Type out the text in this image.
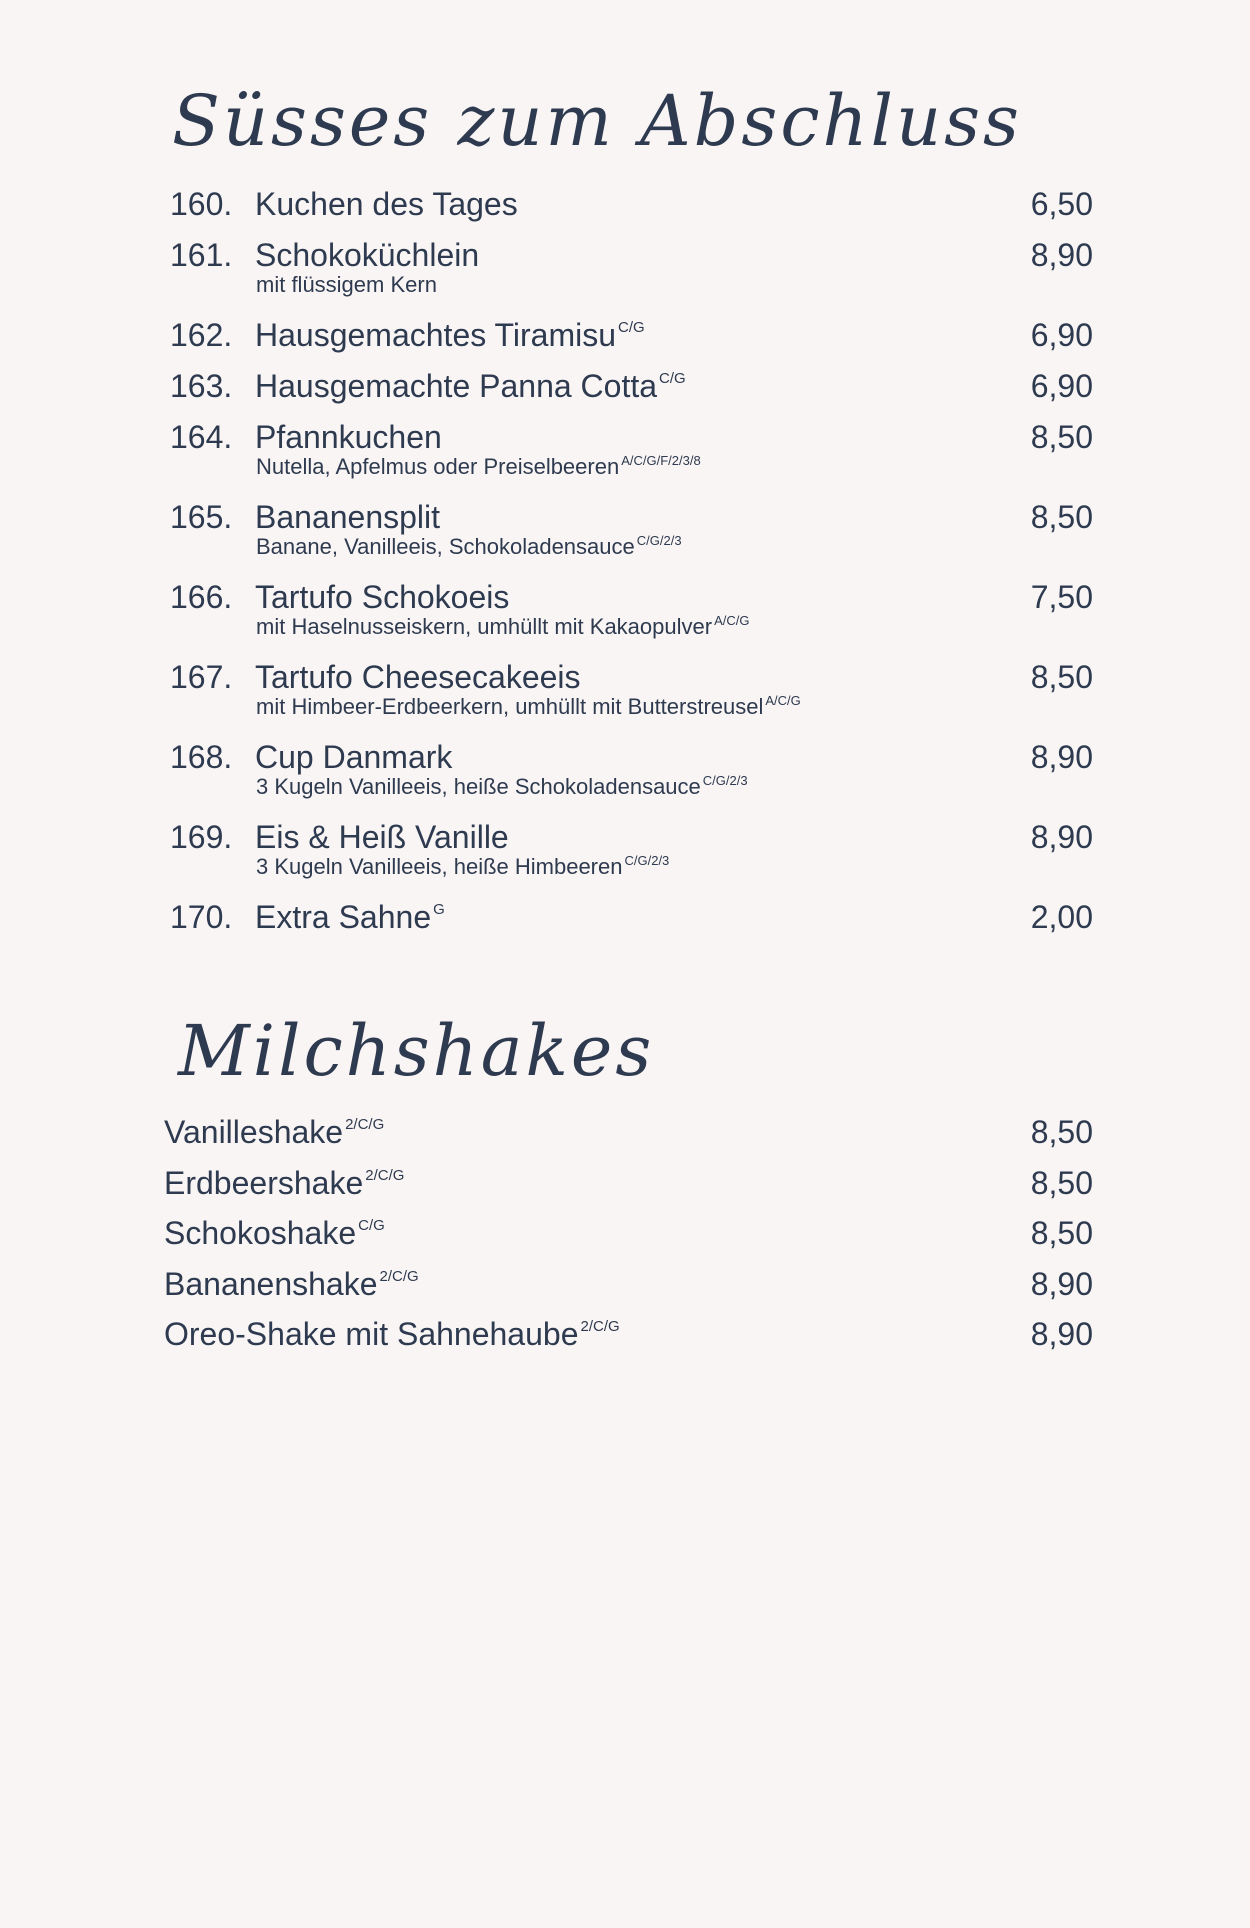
Süsses zum Abschluss
160. Kuchen des Tages	6,50
161. Schokoküchlein	8,90
mit flüssigem Kern
162. Hausgemachtes Tiramisu $^{C/G}$	6,90
163. Hausgemachte Panna Cotta $^{C/G}$	6,90
164. Pfannkuchen	8,50
Nutella, Apfelmus oder Preiselbeeren $^{A/C/G/F/2/3/8}$
165. Bananensplit	8,50
Banane, Vanilleeis, Schokoladensauce $^{C/G/2/3}$
166. Tartufo Schokoeis	7,50
mit Haselnusseiskern, umhüllt mit Kakaopulver $^{A/C/G}$
167. Tartufo Cheesecakeeis	8,50
mit Himbeer-Erdbeerkern, umhüllt mit Butterstreusel $^{A/C/G}$
168. Cup Danmark	8,90
3 Kugeln Vanilleeis, heiße Schokoladensauce $^{C/G/2/3}$
169. Eis & Heiß Vanille	8,90
3 Kugeln Vanilleeis, heiße Himbeeren $^{C/G/2/3}$
170. Extra Sahne $^G$	2,00
Milchshakes
Vanilleshake $^{2/C/G}$	8,50
Erdbeershake $^{2/C/G}$	8,50
Schokoshake $^{C/G}$	8,50
Bananenshake $^{2/C/G}$	8,90
Oreo-Shake mit Sahnehaube $^{2/C/G}$	8,90
